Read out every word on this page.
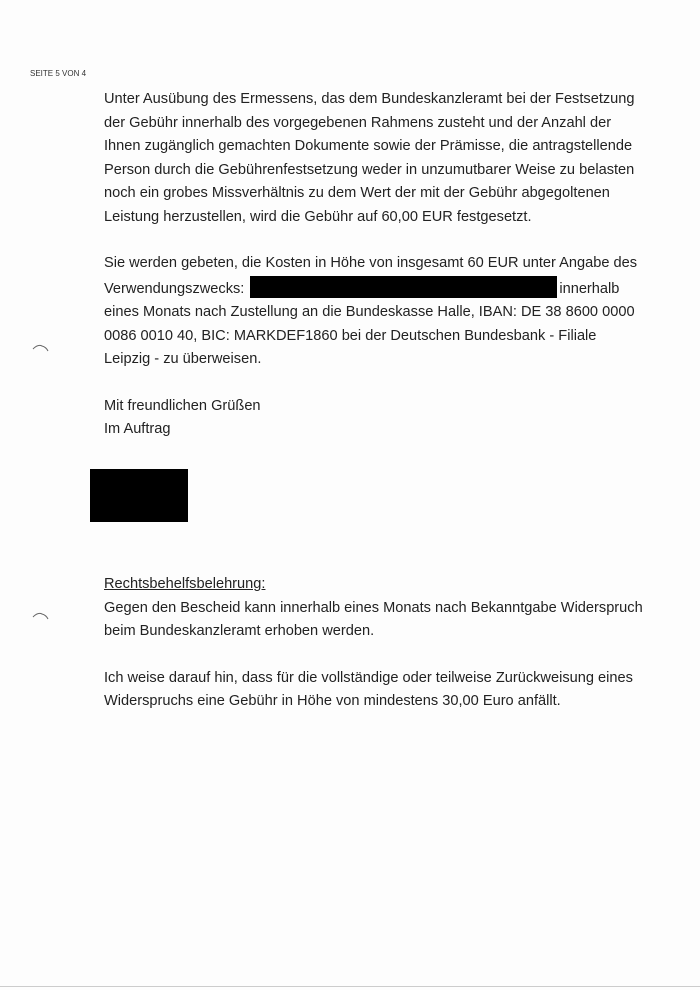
SEITE 5 VON 4

Unter Ausübung des Ermessens, das dem Bundeskanzleramt bei der Festsetzung
der Gebühr innerhalb des vorgegebenen Rahmens zusteht und der Anzahl der
Ihnen zugänglich gemachten Dokumente sowie der Prämisse, die antragstellende
Person durch die Gebührenfestsetzung weder in unzumutbarer Weise zu belasten
noch ein grobes Missverhältnis zu dem Wert der mit der Gebühr abgegoltenen
Leistung herzustellen, wird die Gebühr auf 60,00 EUR festgesetzt.

Sie werden gebeten, die Kosten in Höhe von insgesamt 60 EUR unter Angabe des
Verwendungszwecks:	innerhalb
eines Monats nach Zustellung an die Bundeskasse Halle, IBAN: DE 38 8600 0000
0086 0010 40, BIC: MARKDEF1860 bei der Deutschen Bundesbank - Filiale
Leipzig - zu überweisen.

Mit freundlichen Grüßen
Im Auftrag

Rechtsbehelfsbelehrung:
Gegen den Bescheid kann innerhalb eines Monats nach Bekanntgabe Widerspruch
beim Bundeskanzleramt erhoben werden.

Ich weise darauf hin, dass für die vollständige oder teilweise Zurückweisung eines
Widerspruchs eine Gebühr in Höhe von mindestens 30,00 Euro anfällt.
